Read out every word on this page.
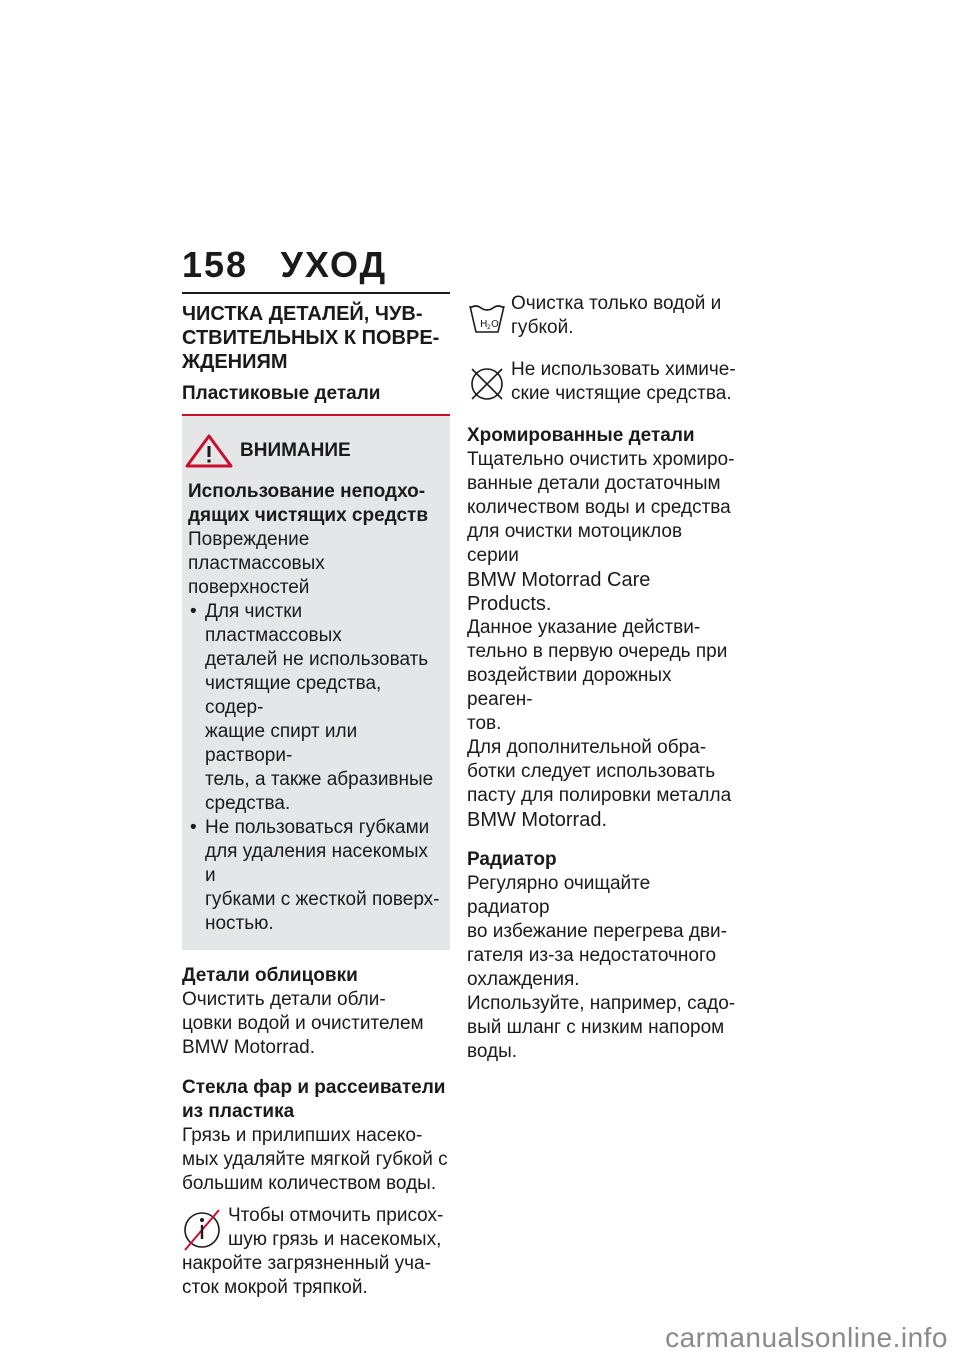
158 УХОД
ЧИСТКА ДЕТАЛЕЙ, ЧУВ-
СТВИТЕЛЬНЫХ К ПОВРЕ-
ЖДЕНИЯМ
Пластиковые детали
ВНИМАНИЕ
Использование неподхо-
дящих чистящих средств
Повреждение пластмассовых
поверхностей
• Для чистки пластмассовых
деталей не использовать
чистящие средства, содер-
жащие спирт или раствори-
тель, а также абразивные
средства.
• Не пользоваться губками
для удаления насекомых и
губками с жесткой поверх-
ностью.
Детали облицовки
Очистить детали обли-
цовки водой и очистителем
BMW Motorrad.
Стекла фар и рассеиватели
из пластика
Грязь и прилипших насеко-
мых удаляйте мягкой губкой с
большим количеством воды.
Чтобы отмочить присох-
шую грязь и насекомых,
накройте загрязненный уча-
сток мокрой тряпкой.
H 2 O
Очистка только водой и
губкой.
Не использовать химиче-
ские чистящие средства.
Хромированные детали
Тщательно очистить хромиро-
ванные детали достаточным
количеством воды и средства
для очистки мотоциклов серии
BMW Motorrad Care Products.
Данное указание действи-
тельно в первую очередь при
воздействии дорожных реаген-
тов.
Для дополнительной обра-
ботки следует использовать
пасту для полировки металла
BMW Motorrad.
Радиатор
Регулярно очищайте радиатор
во избежание перегрева дви-
гателя из-за недостаточного
охлаждения.
Используйте, например, садо-
вый шланг с низким напором
воды.
carmanualsonline.info
